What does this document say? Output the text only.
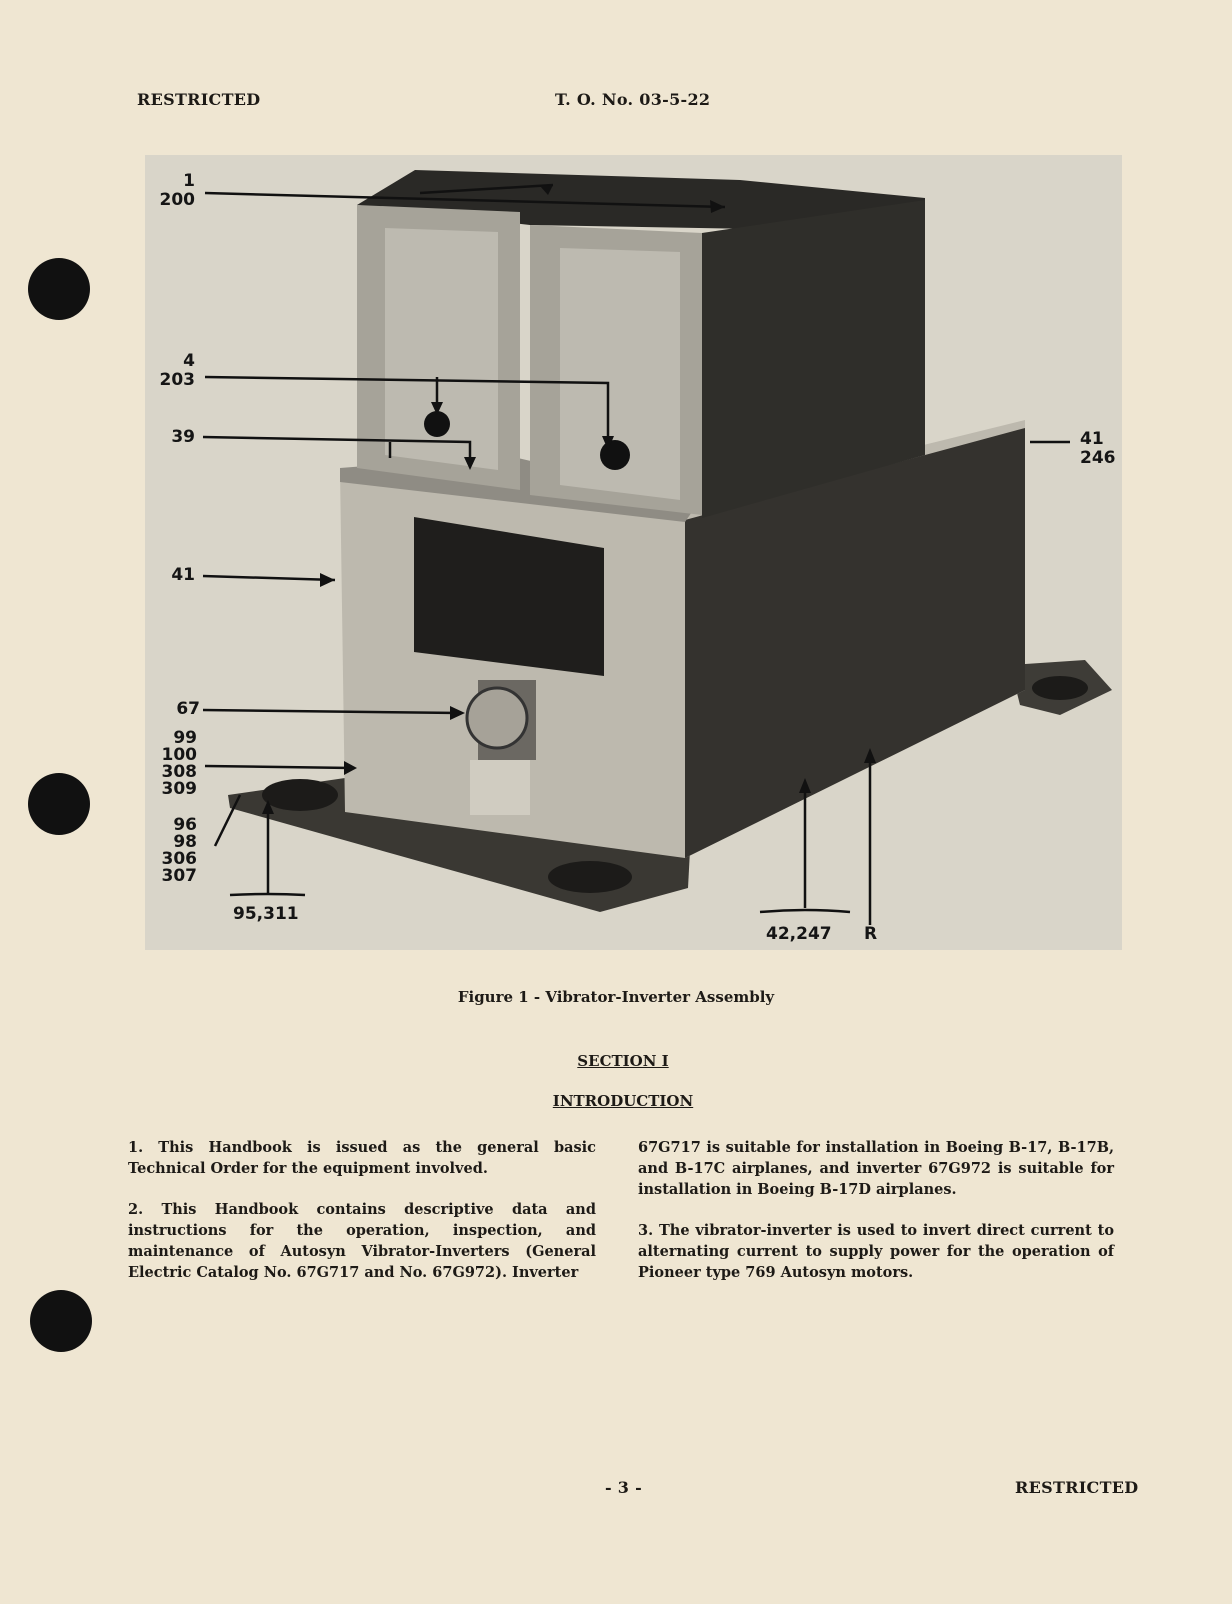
RESTRICTED	T. O. No. 03-5-22
1
200
4
203
39
41
41
246
67
99
100
308
309
96
98
306
307
95,311
42,247 R
Figure 1 - Vibrator-Inverter Assembly
SECTION I
INTRODUCTION

1. This Handbook is issued as the general basic Technical Order for the equipment involved.

2. This Handbook contains descriptive data and instructions for the operation, inspection, and maintenance of Autosyn Vibrator-Inverters (General Electric Catalog No. 67G717 and No. 67G972). Inverter

67G717 is suitable for installation in Boeing B-17, B-17B, and B-17C airplanes, and inverter 67G972 is suitable for installation in Boeing B-17D airplanes.

3. The vibrator-inverter is used to invert direct current to alternating current to supply power for the operation of Pioneer type 769 Autosyn motors.

- 3 -	RESTRICTED
